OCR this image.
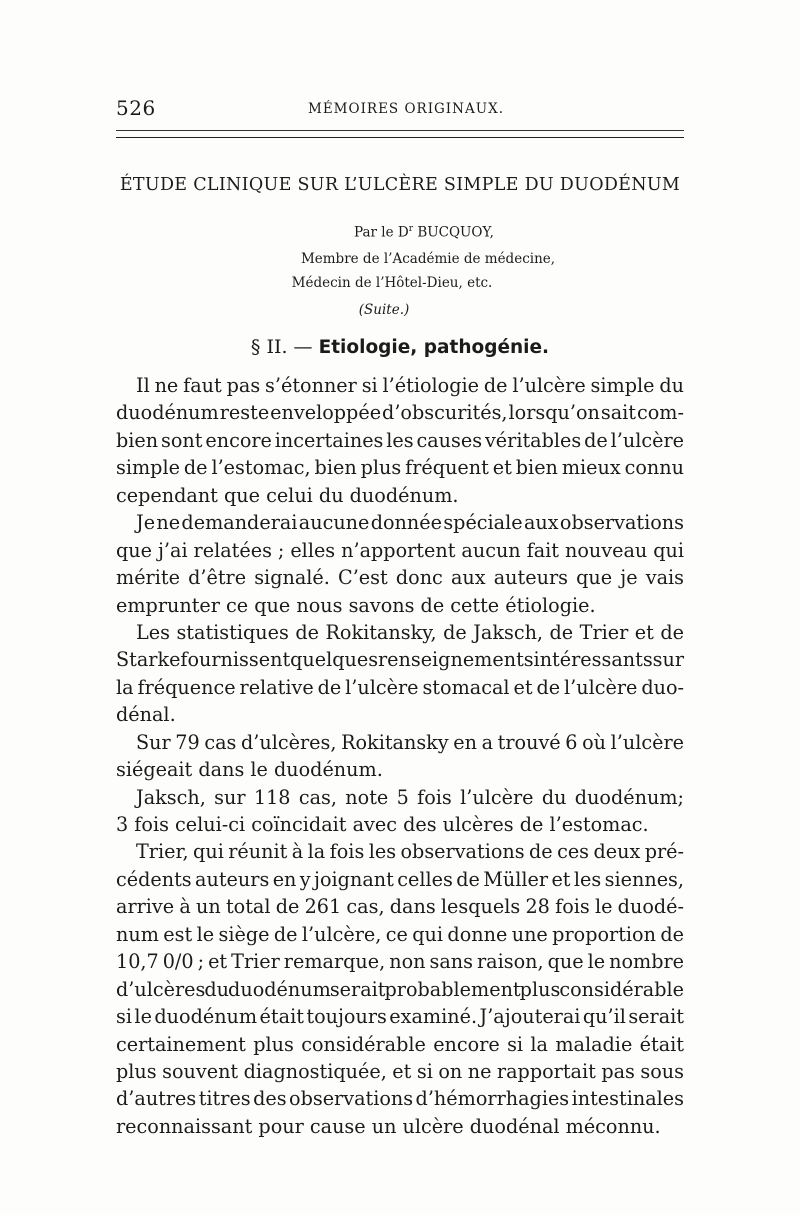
526	MÉMOIRES ORIGINAUX.
ÉTUDE CLINIQUE SUR L’ULCÈRE SIMPLE DU DUODÉNUM
Par le $D^r$ BUCQUOY,
Membre de l’Académie de médecine,
Médecin de l’Hôtel-Dieu, etc.
(Suite.)
§ II. — Etiologie, pathogénie.
Il ne faut pas s’étonner si l’étiologie de l’ulcère simple du
duodénum reste enveloppée d’obscurités, lorsqu’on sait com-
bien sont encore incertaines les causes véritables de l’ulcère
simple de l’estomac, bien plus fréquent et bien mieux connu
cependant que celui du duodénum.
Je ne demanderai aucune donnée spéciale aux observations
que j’ai relatées ; elles n’apportent aucun fait nouveau qui
mérite d’être signalé. C’est donc aux auteurs que je vais
emprunter ce que nous savons de cette étiologie.
Les statistiques de Rokitansky, de Jaksch, de Trier et de
Starke fournissent quelques renseignements intéressants sur
la fréquence relative de l’ulcère stomacal et de l’ulcère duo-
dénal.
Sur 79 cas d’ulcères, Rokitansky en a trouvé 6 où l’ulcère
siégeait dans le duodénum.
Jaksch, sur 118 cas, note 5 fois l’ulcère du duodénum;
3 fois celui-ci coïncidait avec des ulcères de l’estomac.
Trier, qui réunit à la fois les observations de ces deux pré-
cédents auteurs en y joignant celles de Müller et les siennes,
arrive à un total de 261 cas, dans lesquels 28 fois le duodé-
num est le siège de l’ulcère, ce qui donne une proportion de
10,7 0/0 ; et Trier remarque, non sans raison, que le nombre
d’ulcères du duodénum serait probablement plus considérable
si le duodénum était toujours examiné. J’ajouterai qu’il serait
certainement plus considérable encore si la maladie était
plus souvent diagnostiquée, et si on ne rapportait pas sous
d’autres titres des observations d’hémorrhagies intestinales
reconnaissant pour cause un ulcère duodénal méconnu.
